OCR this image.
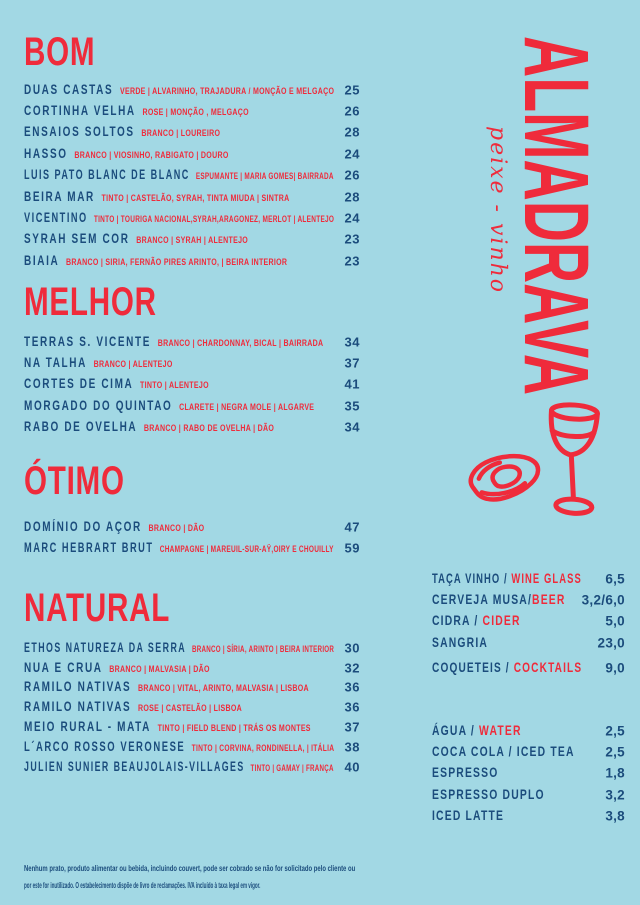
BOM
DUAS CASTAS VERDE | ALVARINHO, TRAJADURA / MONÇÃO E MELGAÇO 25
CORTINHA VELHA ROSE | MONÇÃO , MELGAÇO	26
ENSAIOS SOLTOS BRANCO | LOUREIRO	28
HASSO BRANCO | VIOSINHO, RABIGATO | DOURO	24
LUIS PATO BLANC DE BLANC ESPUMANTE | MARIA GOMES| BAIRRADA 26
BEIRA MAR TINTO | CASTELÃO, SYRAH, TINTA MIUDA | SINTRA	28
VICENTINO TINTO | TOURIGA NACIONAL,SYRAH,ARAGONEZ, MERLOT | ALENTEJO 24
SYRAH SEM COR BRANCO | SYRAH | ALENTEJO	23
BIAIA BRANCO | SIRIA, FERNÃO PIRES ARINTO, | BEIRA INTERIOR	23
MELHOR
TERRAS S. VICENTE BRANCO | CHARDONNAY, BICAL | BAIRRADA 34
NA TALHA BRANCO | ALENTEJO	37
CORTES DE CIMA TINTO | ALENTEJO	41
MORGADO DO QUINTAO CLARETE | NEGRA MOLE | ALGARVE 35
RABO DE OVELHA BRANCO | RABO DE OVELHA | DÃO	34
ÓTIMO
DOMÍNIO DO AÇOR BRANCO | DÃO	47
MARC HEBRART BRUT CHAMPAGNE | MAREUIL-SUR-AŸ,OIRY E CHOUILLY 59
NATURAL
ETHOS NATUREZA DA SERRA BRANCO | SÍRIA, ARINTO | BEIRA INTERIOR 30
NUA E CRUA BRANCO | MALVASIA | DÃO	32
RAMILO NATIVAS BRANCO | VITAL, ARINTO, MALVASIA | LISBOA	36
RAMILO NATIVAS ROSE | CASTELÃO | LISBOA	36
MEIO RURAL - MATA TINTO | FIELD BLEND | TRÁS OS MONTES	37
L´ARCO ROSSO VERONESE TINTO | CORVINA, RONDINELLA, | ITÁLIA 38
JULIEN SUNIER BEAUJOLAIS-VILLAGES TINTO | GAMAY | FRANÇA 40
ALMADRAVA
peixe - vinho
TAÇA VINHO / WINE GLASS 6,5
CERVEJA MUSA/BEER 3,2/6,0
CIDRA / CIDER	5,0
SANGRIA	23,0
COQUETEIS / COCKTAILS 9,0
ÁGUA / WATER	2,5
COCA COLA / ICED TEA 2,5
ESPRESSO	1,8
ESPRESSO DUPLO	3,2
ICED LATTE	3,8
Nenhum prato, produto alimentar ou bebida, incluindo couvert, pode ser cobrado se não for solicitado pelo cliente ou
por este for inutilizado. O estabelecimento dispõe de livro de reclamações. IVA incluído à taxa legal em vigor.
